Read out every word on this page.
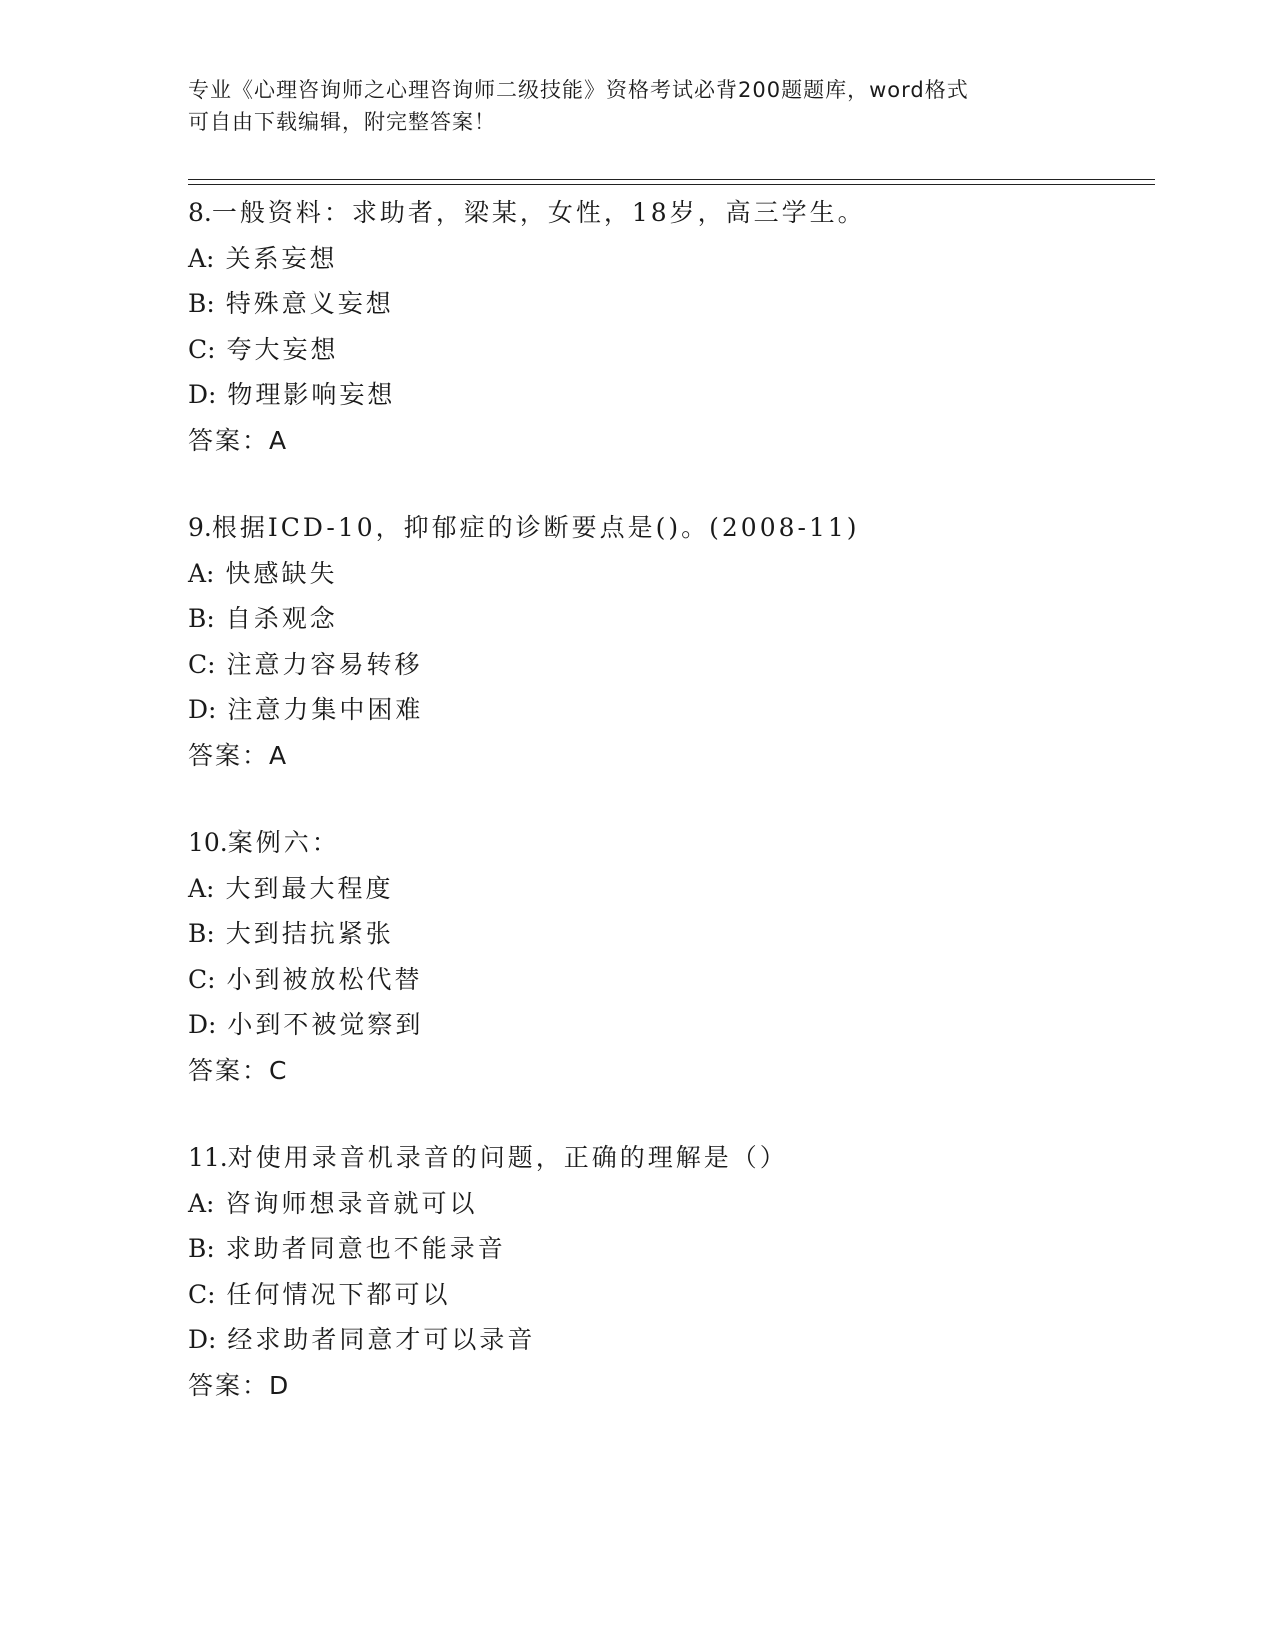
专业《心理咨询师之心理咨询师二级技能》资格考试必背200题题库，word格式
可自由下载编辑，附完整答案！
8.一般资料：求助者，梁某，女性，18岁，高三学生。
A: 关系妄想
B: 特殊意义妄想
C: 夸大妄想
D: 物理影响妄想
答案：A
9.根据ICD-10，抑郁症的诊断要点是()。(2008-11)
A: 快感缺失
B: 自杀观念
C: 注意力容易转移
D: 注意力集中困难
答案：A
10.案例六：
A: 大到最大程度
B: 大到拮抗紧张
C: 小到被放松代替
D: 小到不被觉察到
答案：C
11.对使用录音机录音的问题，正确的理解是（）
A: 咨询师想录音就可以
B: 求助者同意也不能录音
C: 任何情况下都可以
D: 经求助者同意才可以录音
答案：D
